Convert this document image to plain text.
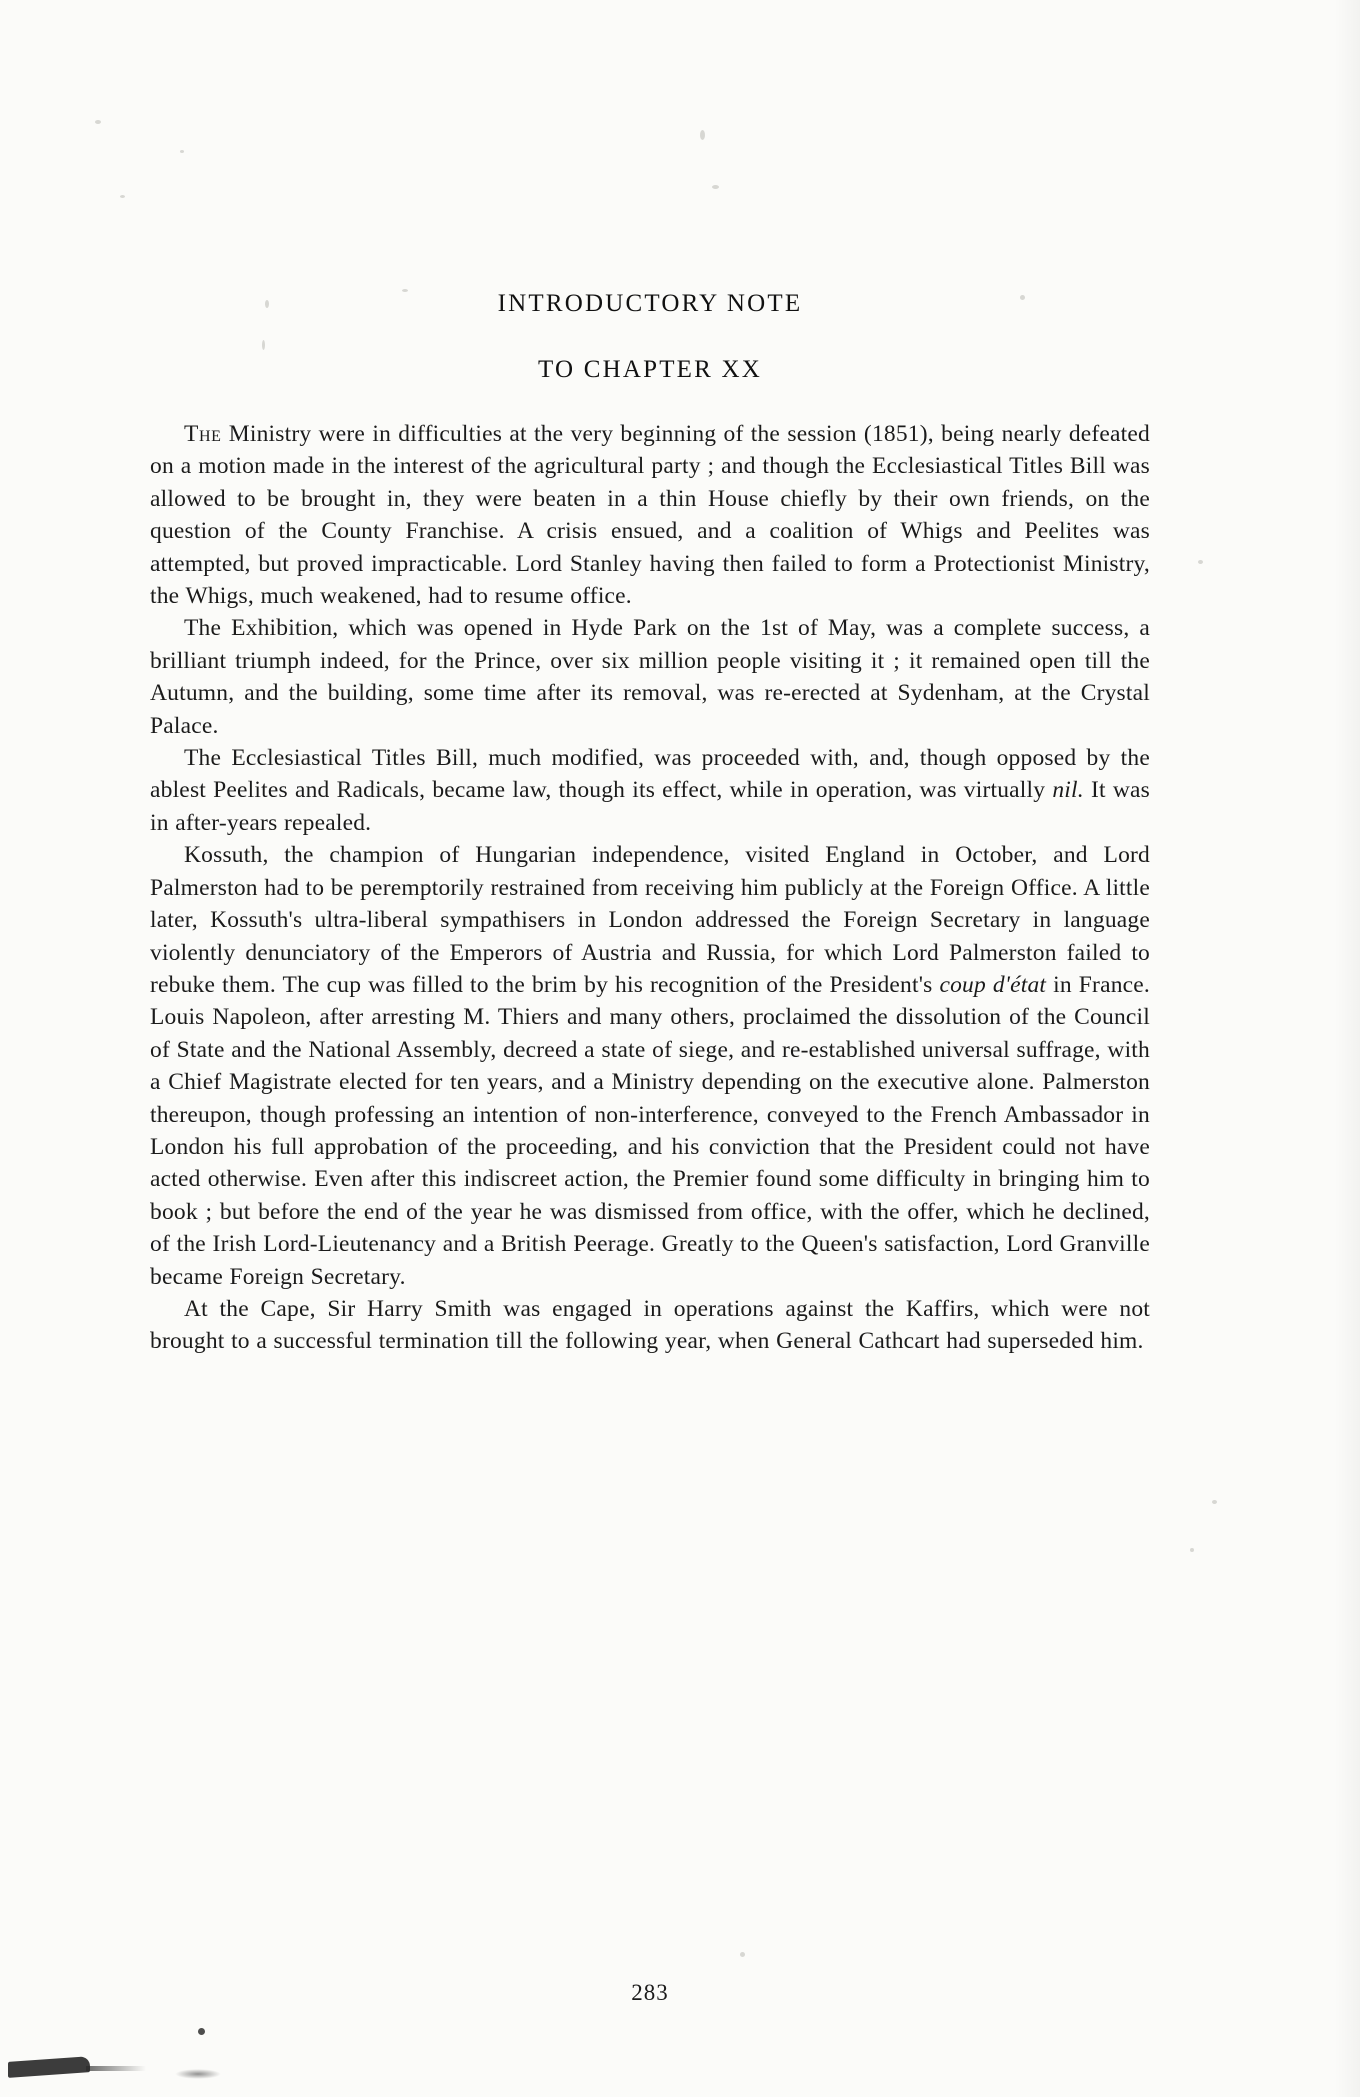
INTRODUCTORY NOTE
TO CHAPTER XX

The Ministry were in difficulties at the very beginning of the session (1851), being nearly defeated on a motion made in the interest of the agricultural party ; and though the Ecclesiastical Titles Bill was allowed to be brought in, they were beaten in a thin House chiefly by their own friends, on the question of the County Franchise. A crisis ensued, and a coalition of Whigs and Peelites was attempted, but proved impracticable. Lord Stanley having then failed to form a Protectionist Ministry, the Whigs, much weakened, had to resume office.

The Exhibition, which was opened in Hyde Park on the 1st of May, was a complete success, a brilliant triumph indeed, for the Prince, over six million people visiting it ; it remained open till the Autumn, and the building, some time after its removal, was re-erected at Sydenham, at the Crystal Palace.

The Ecclesiastical Titles Bill, much modified, was proceeded with, and, though opposed by the ablest Peelites and Radicals, became law, though its effect, while in operation, was virtually nil. It was in after-years repealed.

Kossuth, the champion of Hungarian independence, visited England in October, and Lord Palmerston had to be peremptorily restrained from receiving him publicly at the Foreign Office. A little later, Kossuth's ultra-liberal sympathisers in London addressed the Foreign Secretary in language violently denunciatory of the Emperors of Austria and Russia, for which Lord Palmerston failed to rebuke them. The cup was filled to the brim by his recognition of the President's coup d'état in France. Louis Napoleon, after arresting M. Thiers and many others, proclaimed the dissolution of the Council of State and the National Assembly, decreed a state of siege, and re-established universal suffrage, with a Chief Magistrate elected for ten years, and a Ministry depending on the executive alone. Palmerston thereupon, though professing an intention of non-interference, conveyed to the French Ambassador in London his full approbation of the proceeding, and his conviction that the President could not have acted otherwise. Even after this indiscreet action, the Premier found some difficulty in bringing him to book ; but before the end of the year he was dismissed from office, with the offer, which he declined, of the Irish Lord-Lieutenancy and a British Peerage. Greatly to the Queen's satisfaction, Lord Granville became Foreign Secretary.

At the Cape, Sir Harry Smith was engaged in operations against the Kaffirs, which were not brought to a successful termination till the following year, when General Cathcart had superseded him.

283
